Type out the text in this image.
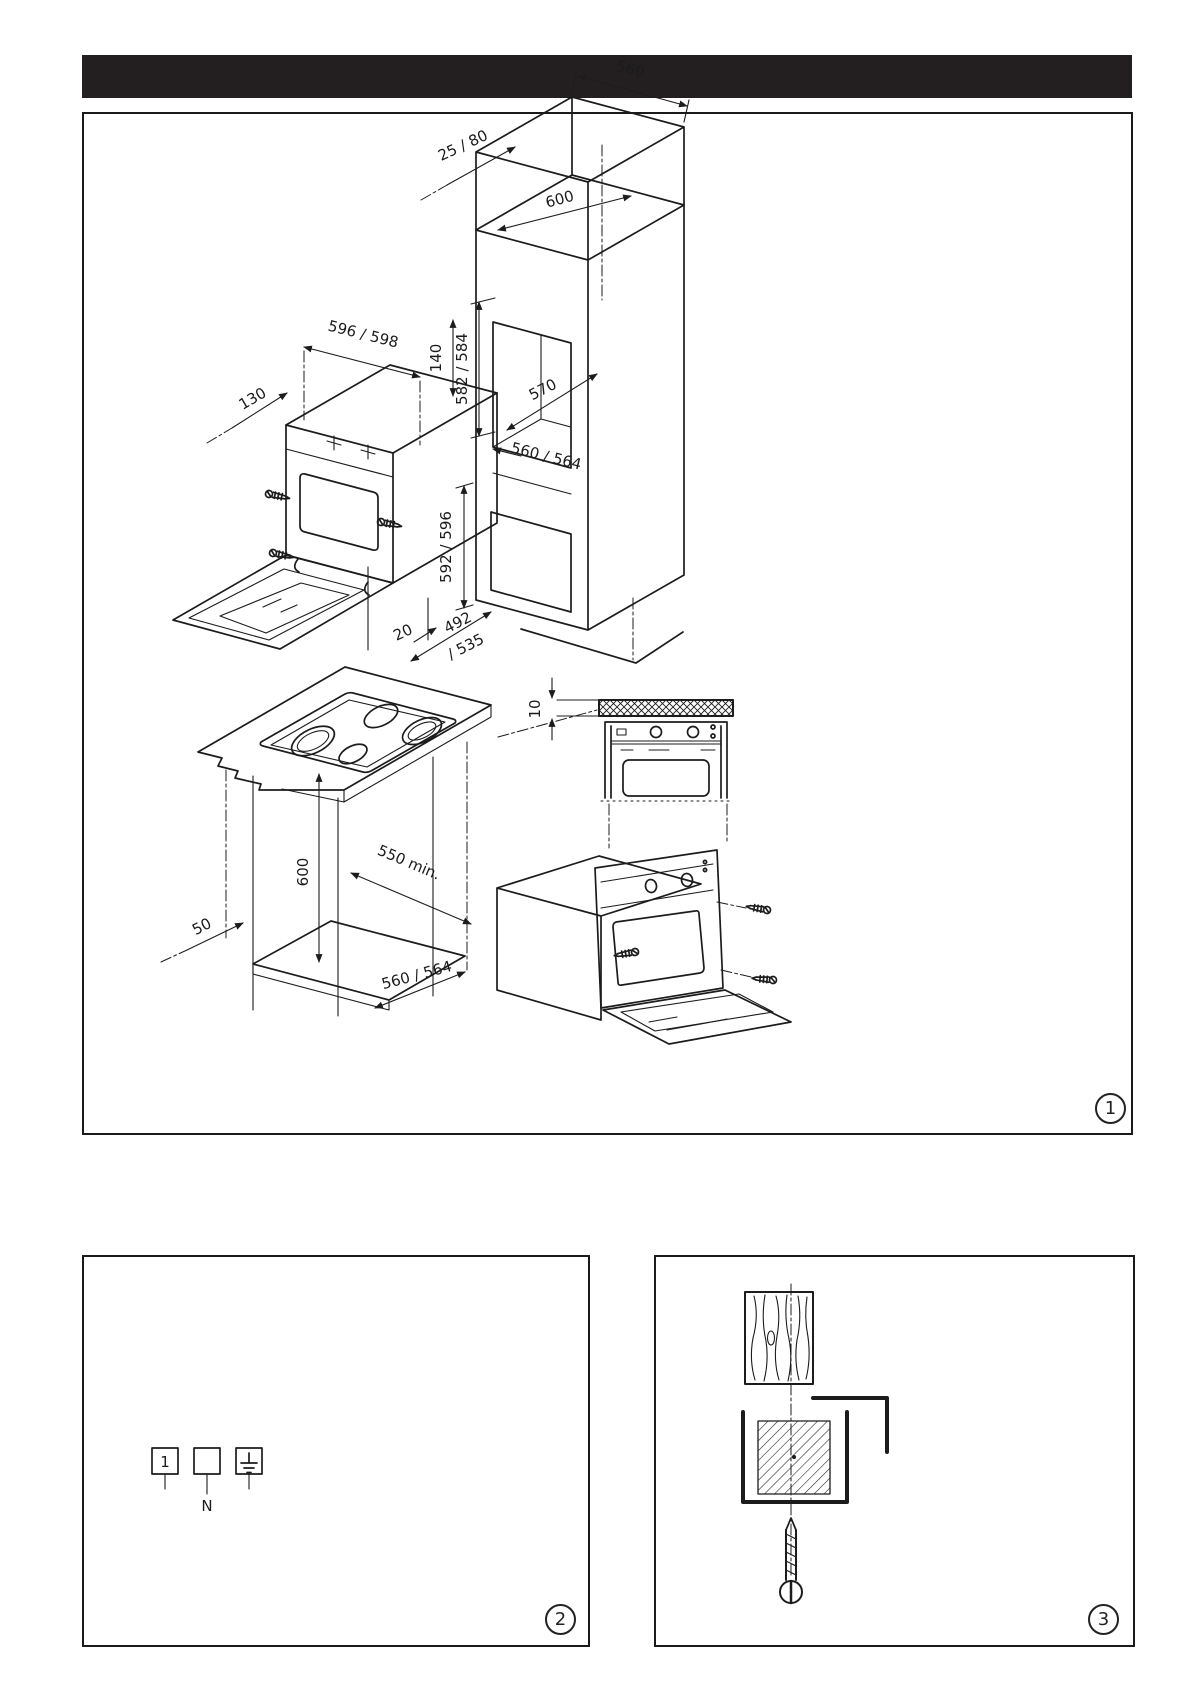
560
25 / 80
600
570
582 / 584
140
560 / 564
596 / 598
130
592 / 596
20 492
/ 535
600	550 min.
50
560 / 564
10
1
1
N
2	3
